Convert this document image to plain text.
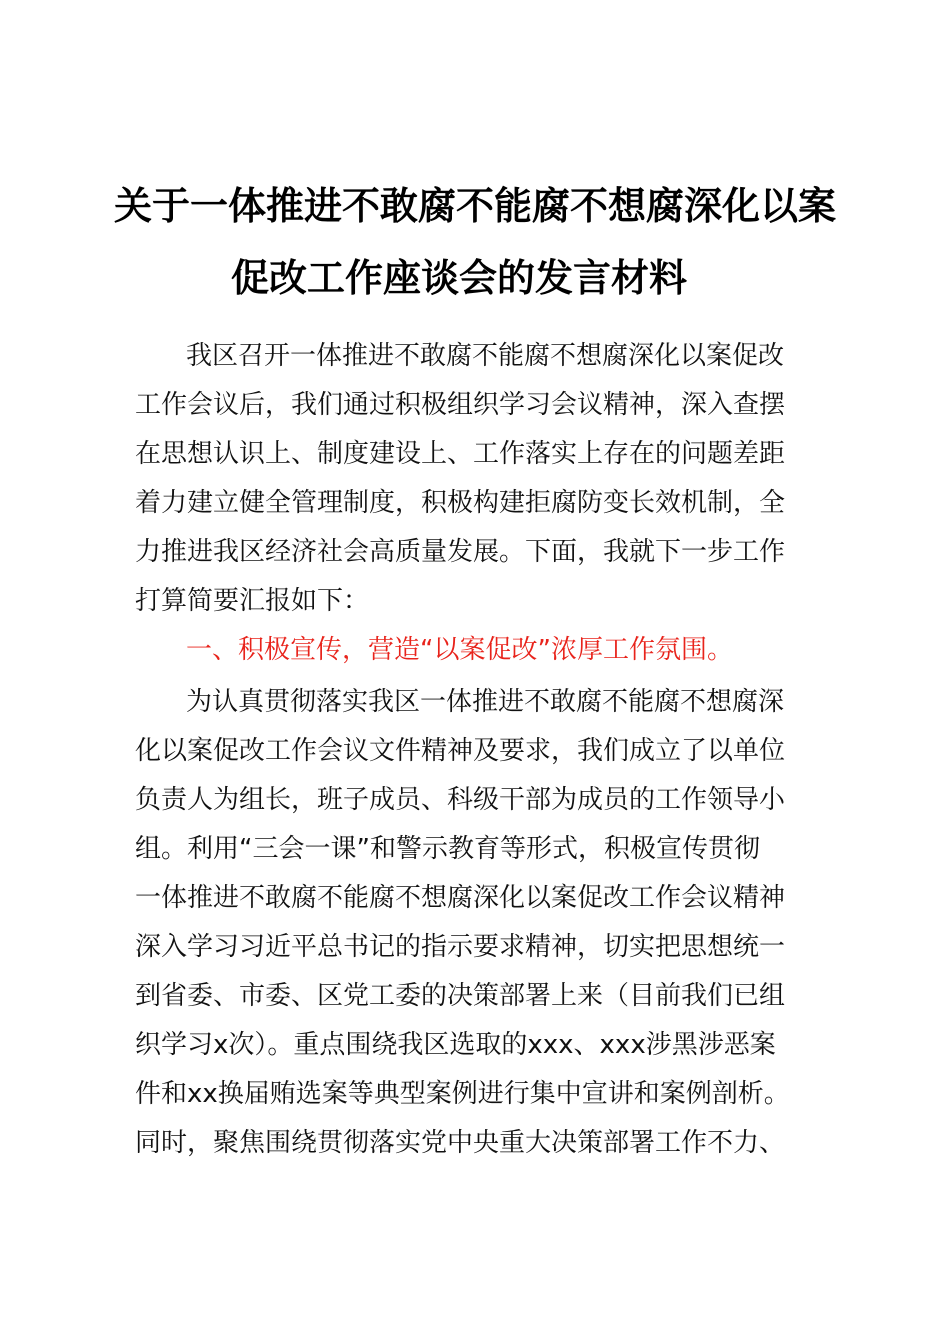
关于一体推进不敢腐不能腐不想腐深化以案
促改工作座谈会的发言材料
我区召开一体推进不敢腐不能腐不想腐深化以案促改
工作会议后，我们通过积极组织学习会议精神，深入查摆
在思想认识上、制度建设上、工作落实上存在的问题差距
着力建立健全管理制度，积极构建拒腐防变长效机制，全
力推进我区经济社会高质量发展。下面，我就下一步工作
打算简要汇报如下：
一、积极宣传，营造“以案促改”浓厚工作氛围。
为认真贯彻落实我区一体推进不敢腐不能腐不想腐深
化以案促改工作会议文件精神及要求，我们成立了以单位
负责人为组长，班子成员、科级干部为成员的工作领导小
组。利用“三会一课”和警示教育等形式，积极宣传贯彻
一体推进不敢腐不能腐不想腐深化以案促改工作会议精神
深入学习习近平总书记的指示要求精神，切实把思想统一
到省委、市委、区党工委的决策部署上来（目前我们已组
织学习x次）。重点围绕我区选取的xxx、xxx涉黑涉恶案
件和xx换届贿选案等典型案例进行集中宣讲和案例剖析。
同时，聚焦围绕贯彻落实党中央重大决策部署工作不力、
